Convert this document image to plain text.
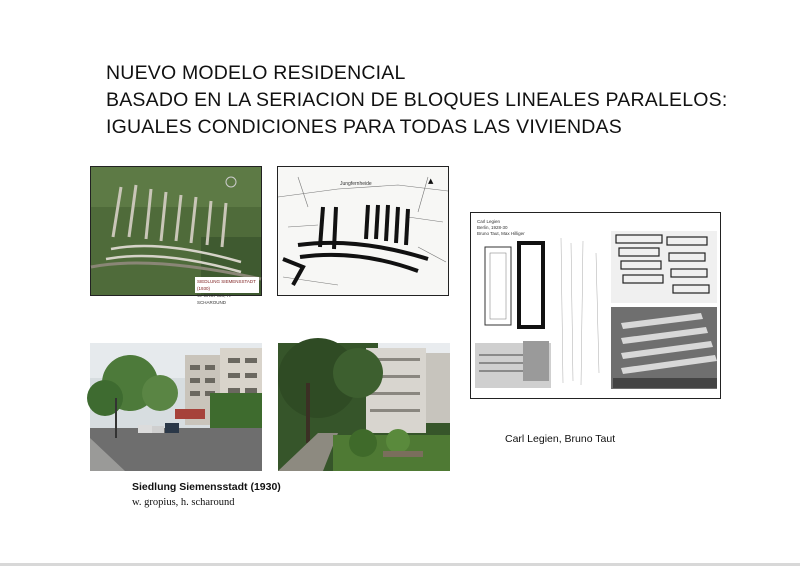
NUEVO MODELO RESIDENCIAL
BASADO EN LA SERIACION DE BLOQUES LINEALES PARALELOS:
IGUALES CONDICIONES PARA TODAS LAS VIVIENDAS
SIEDLUNG SIEMENSSTADT (1930)
W. GROPIUS, H. SCHAROUND
▲
Jungfernheide
Carl Legien
Berlin, 1928-30
Bruno Taut, Max Hilliger
Siedlung Siemensstadt (1930)
w. gropius, h. scharound
Carl Legien, Bruno Taut
